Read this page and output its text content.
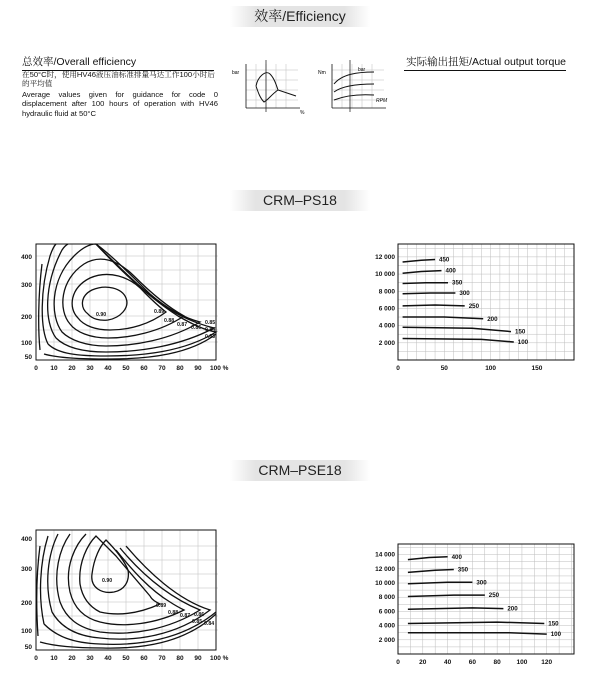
效率/Efficiency
总效率/Overall efficiency	实际输出扭矩/Actual output torque
在50°C时，使用HV46液压油标准排量马达工作100小时后的平均值
Average values given for guidance for code 0 displacement after 100 hours of operation with HV46 hydraulic fluid at 50°C
bar
%
Nm	bar
RPM
CRM–PS18
0.90	0.89
0.88
0.87 0.86
0.85
0.84
0.83
400
300
200
100
50
0 10 20 30 40 50 60 70 80 90 100 %
450
400
350
300
250
200
150
100
12 000
10 000
8 000
6 000
4 000
2 000
0	50	100	150
CRM–PSE18
0.90
0.89
0.88 0.87 0.86
0.85 0.84
400
300
200
100
50
0 10 20 30 40 50 60 70 80 90 100 %
400
350
300
250
200
150
100
14 000
12 000
10 000
8 000
6 000
4 000
2 000
0	20	40	60	80 100 120
